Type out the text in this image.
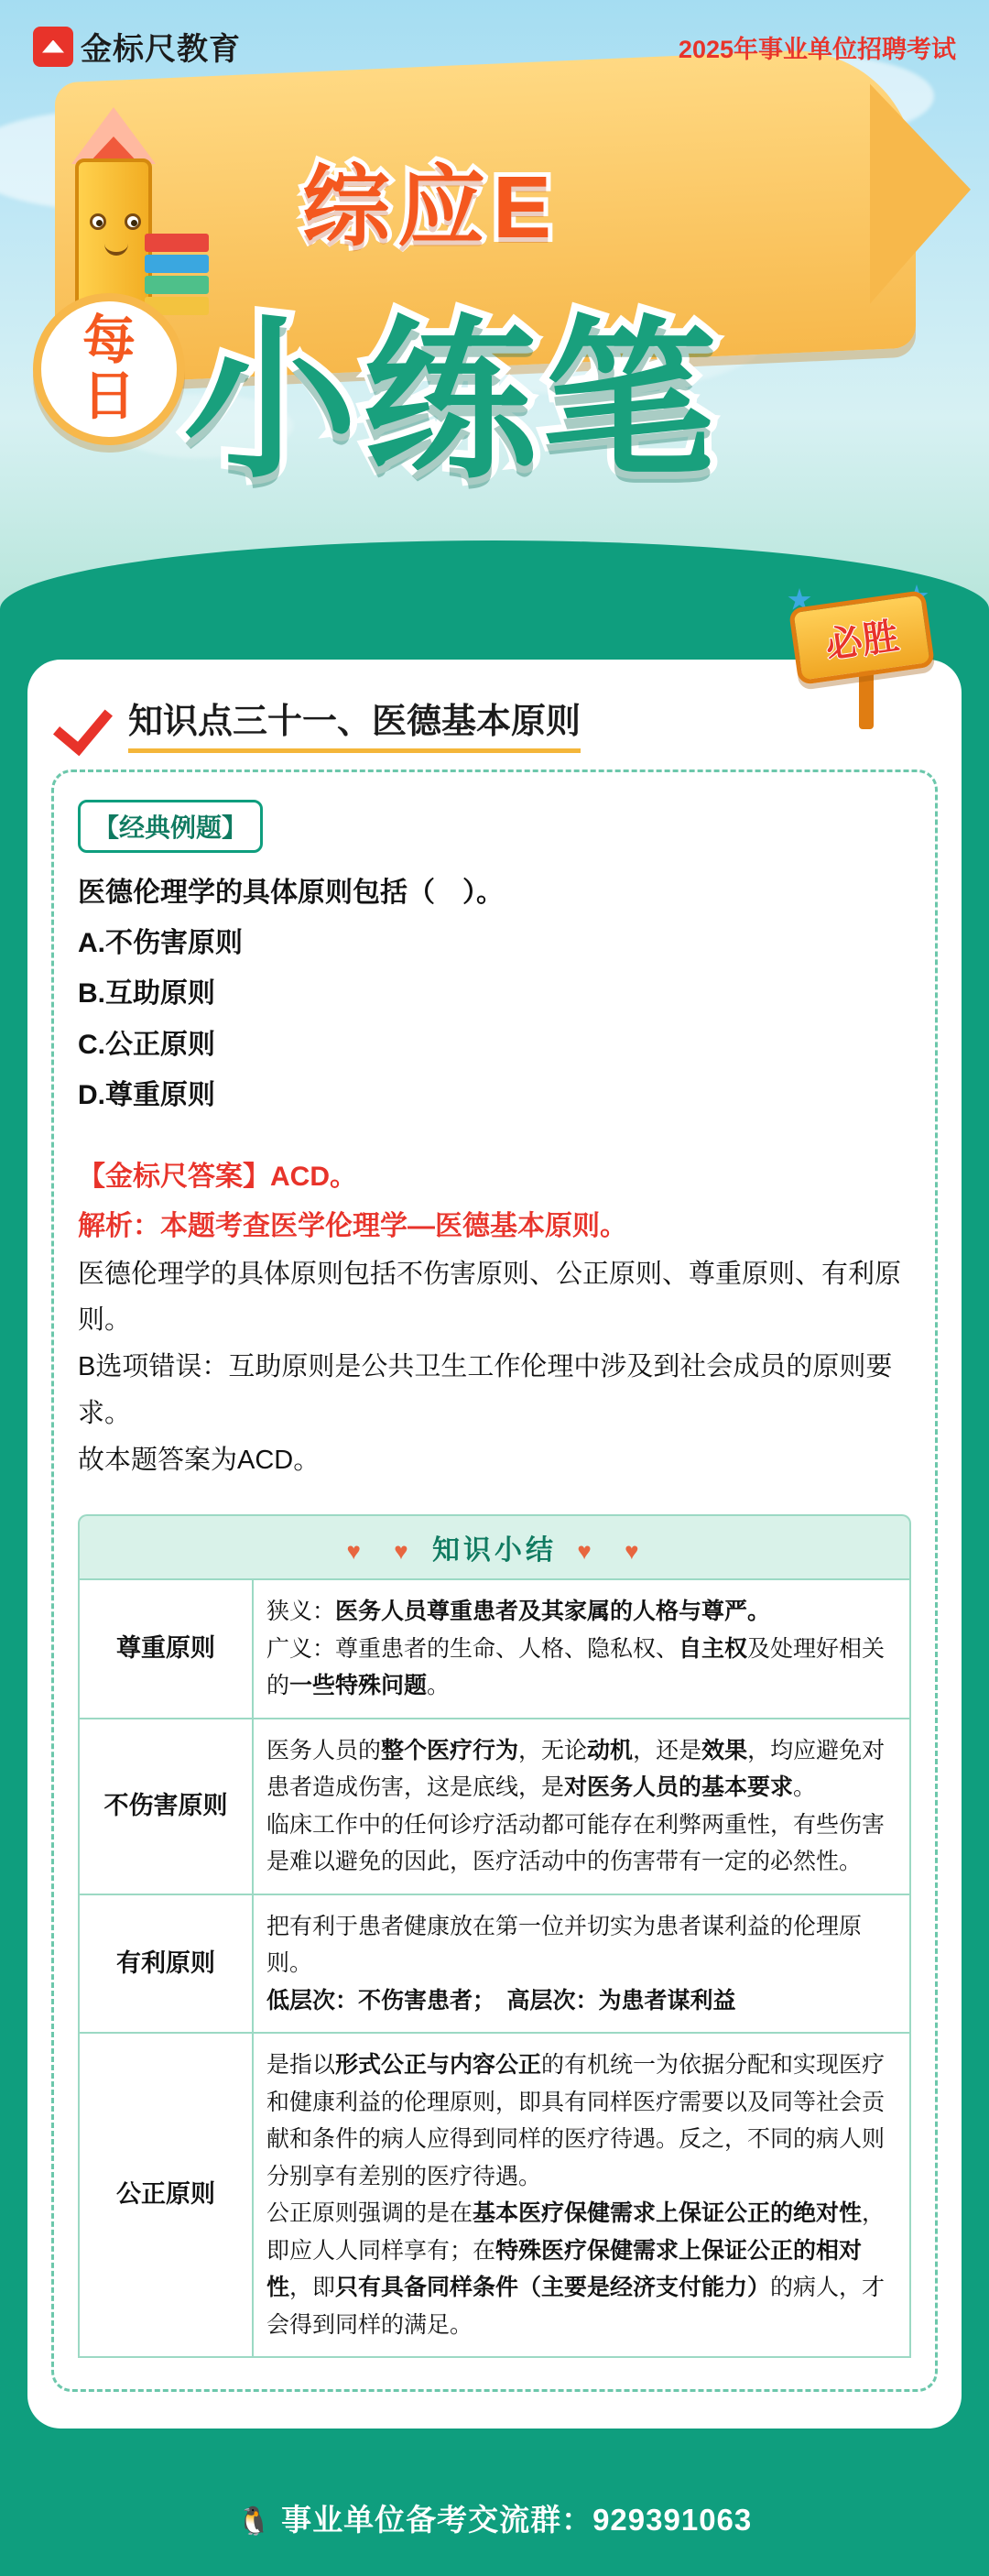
金标尺教育	2025年事业单位招聘考试
综应E
每
日 小练笔
必胜
知识点三十一、医德基本原则
【经典例题】
医德伦理学的具体原则包括（　）。
A.不伤害原则
B.互助原则
C.公正原则
D.尊重原则
【金标尺答案】ACD。
解析：本题考查医学伦理学—医德基本原则。
医德伦理学的具体原则包括不伤害原则、公正原则、尊重原则、有利原则。
B选项错误：互助原则是公共卫生工作伦理中涉及到社会成员的原则要求。
故本题答案为ACD。
♥ ♥ 知识小结 ♥ ♥
尊重原则	狭义：医务人员尊重患者及其家属的人格与尊严。
广义：尊重患者的生命、人格、隐私权、自主权及处理好相关的一些特殊问题。

不伤害原则	医务人员的整个医疗行为，无论动机，还是效果，均应避免对患者造成伤害，这是底线，是对医务人员的基本要求。
临床工作中的任何诊疗活动都可能存在利弊两重性，有些伤害是难以避免的因此，医疗活动中的伤害带有一定的必然性。

有利原则	把有利于患者健康放在第一位并切实为患者谋利益的伦理原则。
低层次：不伤害患者；　高层次：为患者谋利益

公正原则	是指以形式公正与内容公正的有机统一为依据分配和实现医疗和健康利益的伦理原则，即具有同样医疗需要以及同等社会贡献和条件的病人应得到同样的医疗待遇。反之，不同的病人则分别享有差别的医疗待遇。
公正原则强调的是在基本医疗保健需求上保证公正的绝对性，即应人人同样享有；在特殊医疗保健需求上保证公正的相对性，即只有具备同样条件（主要是经济支付能力）的病人，才会得到同样的满足。
🐧 事业单位备考交流群：929391063
